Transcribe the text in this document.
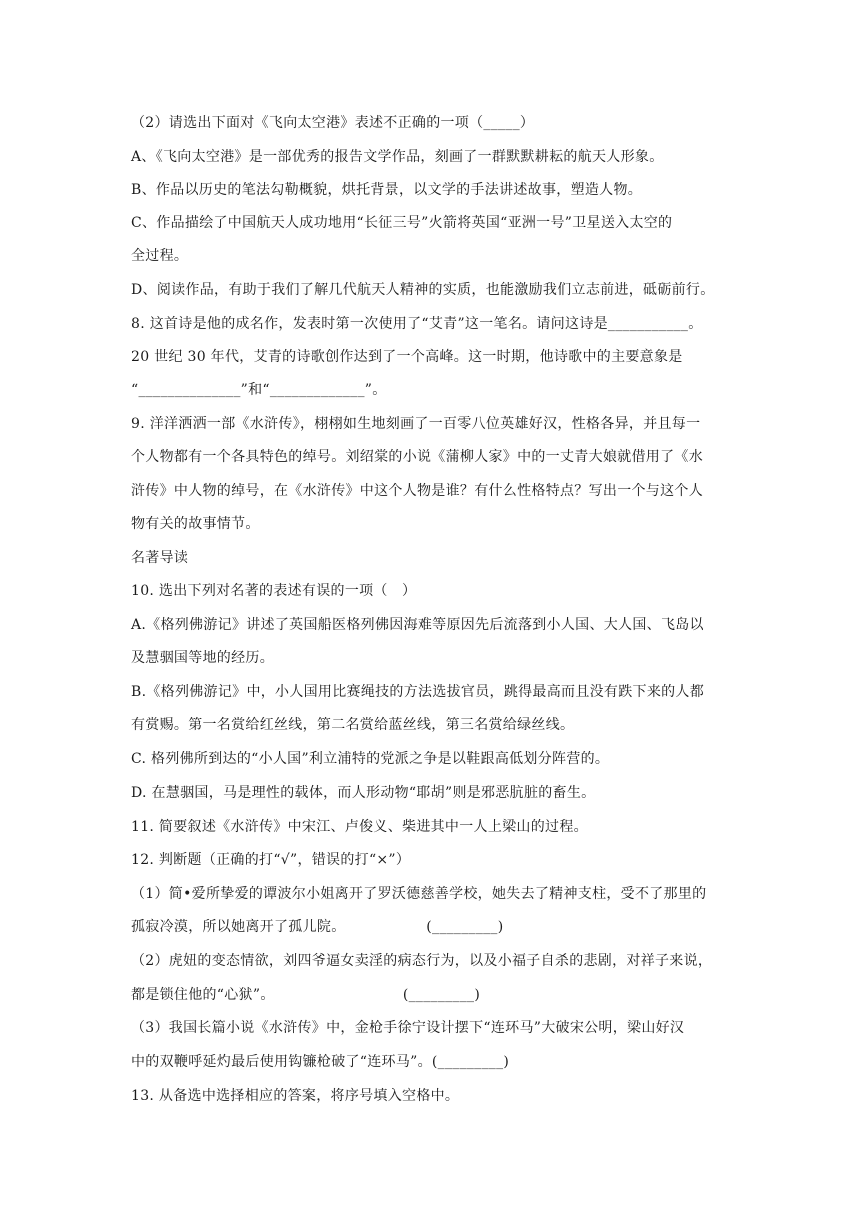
（2）请选出下面对《飞向太空港》表述不正确的一项（_____）
A、《飞向太空港》是一部优秀的报告文学作品，刻画了一群默默耕耘的航天人形象。
B、作品以历史的笔法勾勒概貌，烘托背景，以文学的手法讲述故事，塑造人物。
C、作品描绘了中国航天人成功地用“长征三号”火箭将英国“亚洲一号”卫星送入太空的
全过程。
D、阅读作品，有助于我们了解几代航天人精神的实质，也能激励我们立志前进，砥砺前行。
8. 这首诗是他的成名作，发表时第一次使用了“艾青”这一笔名。请问这诗是___________。
20 世纪 30 年代，艾青的诗歌创作达到了一个高峰。这一时期，他诗歌中的主要意象是
“______________”和“_____________”。
9. 洋洋洒洒一部《水浒传》，栩栩如生地刻画了一百零八位英雄好汉，性格各异，并且每一
个人物都有一个各具特色的绰号。刘绍棠的小说《蒲柳人家》中的一丈青大娘就借用了《水
浒传》中人物的绰号，在《水浒传》中这个人物是谁？有什么性格特点？写出一个与这个人
物有关的故事情节。
名著导读
10. 选出下列对名著的表述有误的一项（　）
A.《格列佛游记》讲述了英国船医格列佛因海难等原因先后流落到小人国、大人国、飞岛以
及慧骃国等地的经历。
B.《格列佛游记》中，小人国用比赛绳技的方法选拔官员，跳得最高而且没有跌下来的人都
有赏赐。第一名赏给红丝线，第二名赏给蓝丝线，第三名赏给绿丝线。
C. 格列佛所到达的“小人国”利立浦特的党派之争是以鞋跟高低划分阵营的。
D. 在慧骃国，马是理性的载体，而人形动物“耶胡”则是邪恶肮脏的畜生。
11. 简要叙述《水浒传》中宋江、卢俊义、柴进其中一人上梁山的过程。
12. 判断题（正确的打“√”，错误的打“×”）
（1）简•爱所挚爱的谭波尔小姐离开了罗沃德慈善学校，她失去了精神支柱，受不了那里的
孤寂冷漠，所以她离开了孤儿院。                 (_________)
（2）虎妞的变态情欲，刘四爷逼女卖淫的病态行为，以及小福子自杀的悲剧，对祥子来说，
都是锁住他的“心狱”。                           (_________)
（3）我国长篇小说《水浒传》中，金枪手徐宁设计摆下“连环马”大破宋公明，梁山好汉
中的双鞭呼延灼最后使用钩镰枪破了“连环马”。(_________)
13. 从备选中选择相应的答案，将序号填入空格中。
